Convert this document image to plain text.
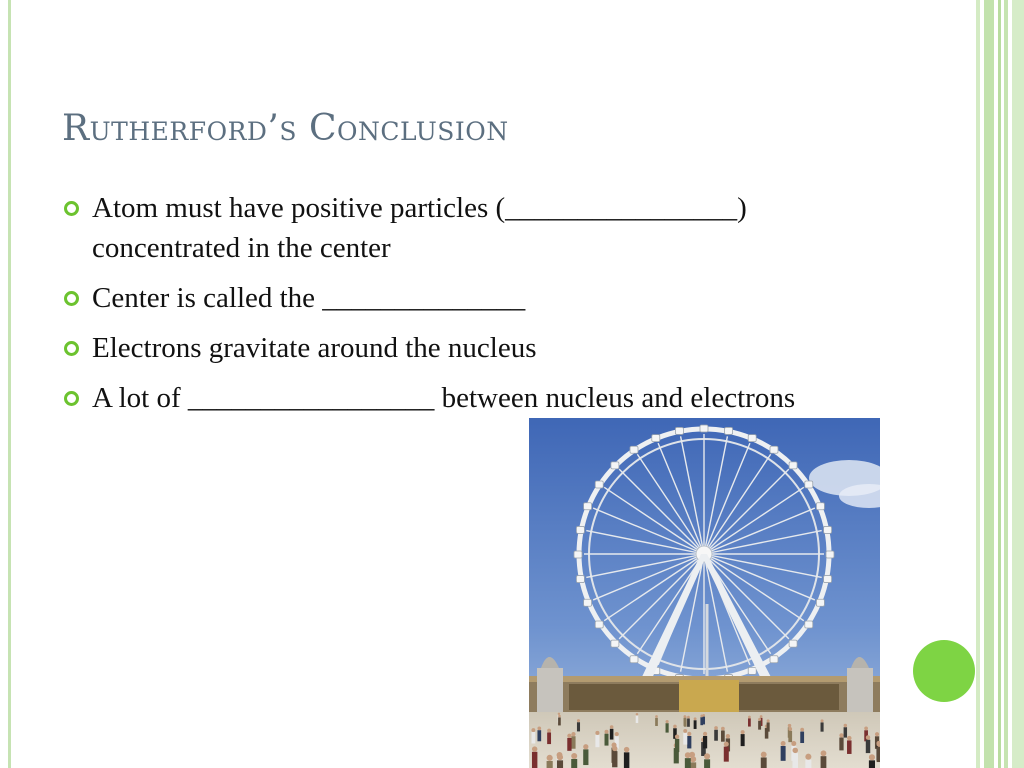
Rutherford’s Conclusion
Atom must have positive particles (________________) concentrated in the center
Center is called the ______________
Electrons gravitate around the nucleus
A lot of _________________ between nucleus and electrons
